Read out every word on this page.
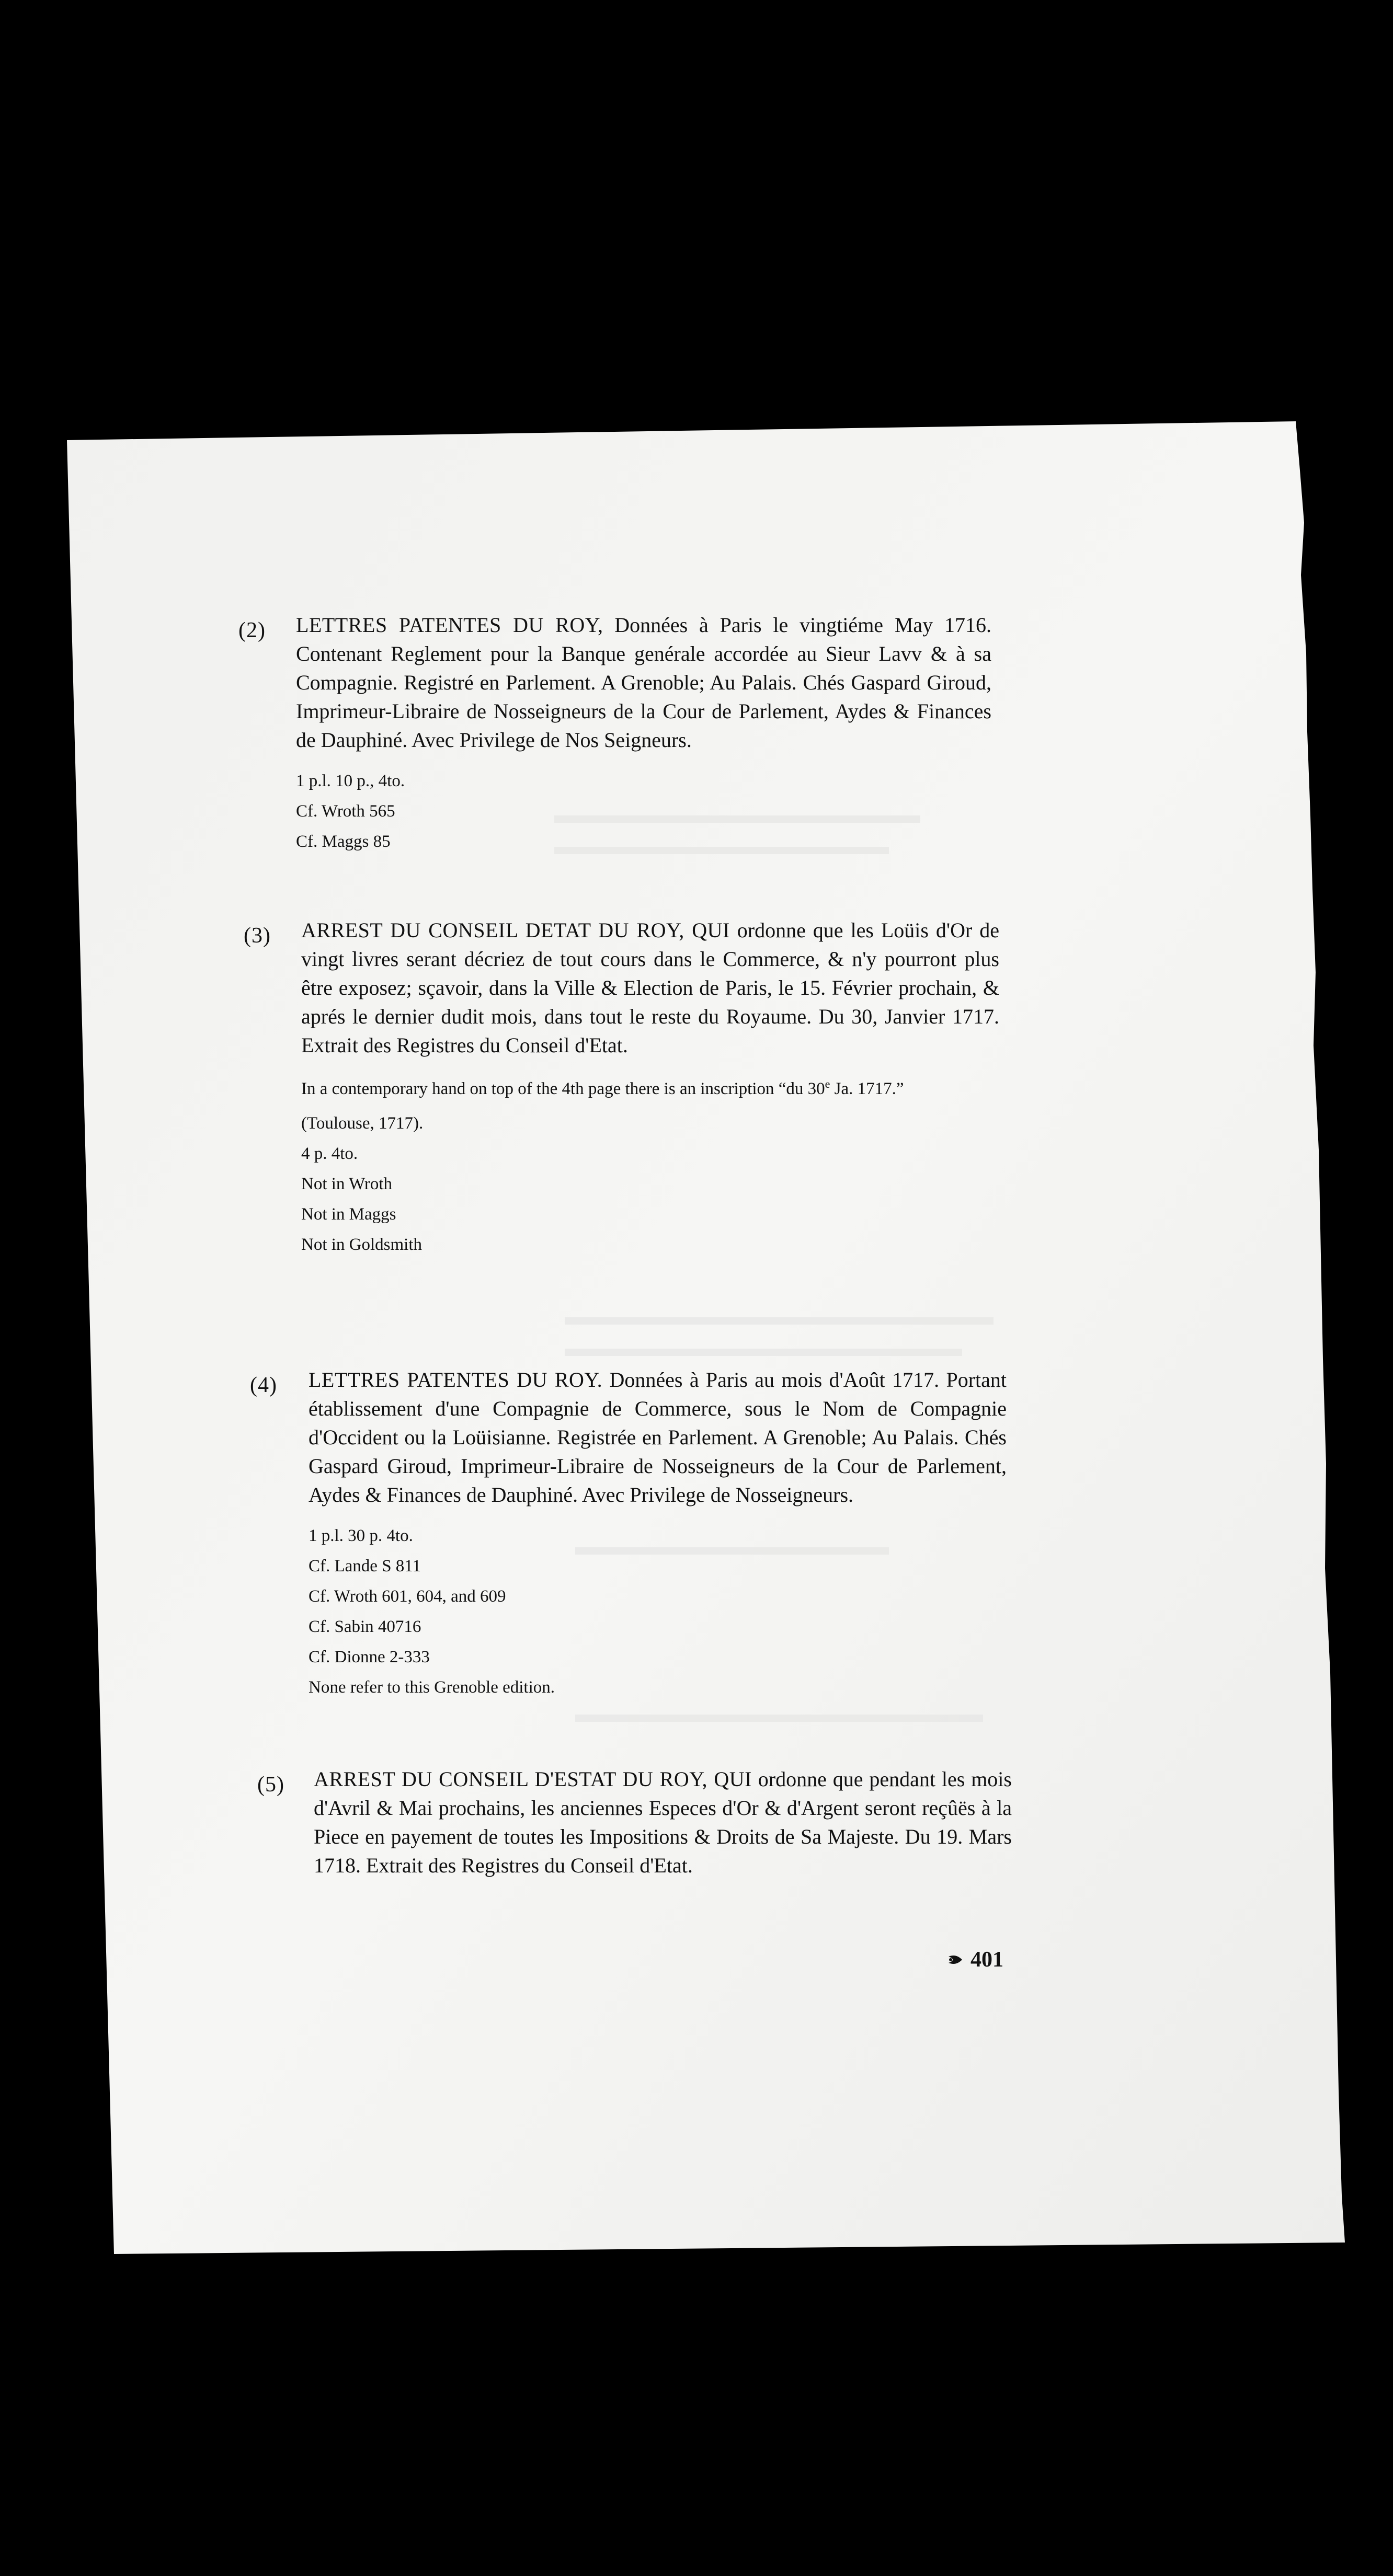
(2) LETTRES PATENTES DU ROY, Données à Paris le vingtiéme May 1716. Contenant Reglement pour la Banque genérale accordée au Sieur Lavv & à sa Compagnie. Registré en Parlement. A Grenoble; Au Palais. Chés Gaspard Giroud, Imprimeur-Libraire de Nosseigneurs de la Cour de Parlement, Aydes & Finances de Dauphiné. Avec Privilege de Nos Seigneurs.

1 p.l. 10 p., 4to.

Cf. Wroth 565

Cf. Maggs 85

(3) ARREST DU CONSEIL DETAT DU ROY, QUI ordonne que les Loüis d'Or de vingt livres serant décriez de tout cours dans le Commerce, & n'y pourront plus être exposez; sçavoir, dans la Ville & Election de Paris, le 15. Février prochain, & aprés le dernier dudit mois, dans tout le reste du Royaume. Du 30, Janvier 1717. Extrait des Registres du Conseil d'Etat.

In a contemporary hand on top of the 4th page there is an inscription “du 30e Ja. 1717.”

(Toulouse, 1717).

4 p. 4to.

Not in Wroth

Not in Maggs

Not in Goldsmith

(4) LETTRES PATENTES DU ROY. Données à Paris au mois d'Août 1717. Portant établissement d'une Compagnie de Commerce, sous le Nom de Compagnie d'Occident ou la Loüisianne. Registrée en Parlement. A Grenoble; Au Palais. Chés Gaspard Giroud, Imprimeur-Libraire de Nosseigneurs de la Cour de Parlement, Aydes & Finances de Dauphiné. Avec Privilege de Nosseigneurs.

1 p.l. 30 p. 4to.

Cf. Lande S 811

Cf. Wroth 601, 604, and 609

Cf. Sabin 40716

Cf. Dionne 2-333

None refer to this Grenoble edition.

(5) ARREST DU CONSEIL D'ESTAT DU ROY, QUI ordonne que pendant les mois d'Avril & Mai prochains, les anciennes Especes d'Or & d'Argent seront reçûës à la Piece en payement de toutes les Impositions & Droits de Sa Majeste. Du 19. Mars 1718. Extrait des Registres du Conseil d'Etat.

401
